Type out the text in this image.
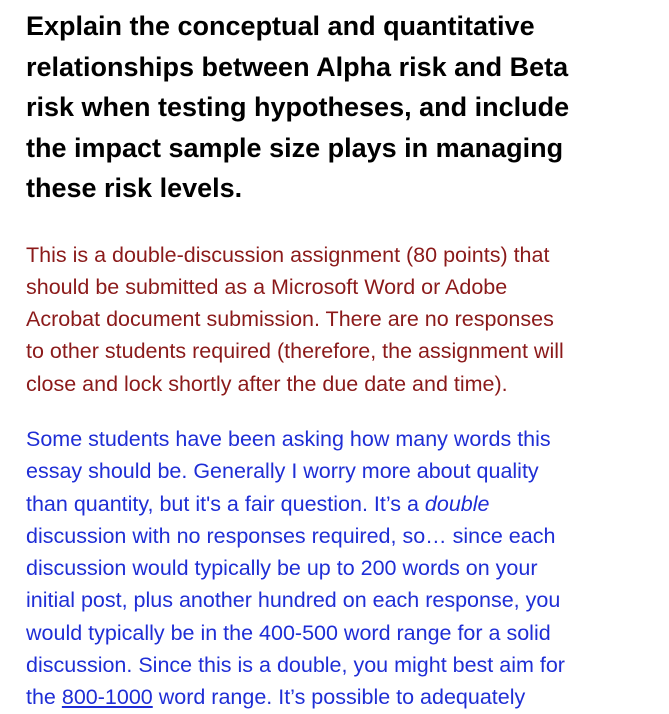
Explain the conceptual and quantitative
relationships between Alpha risk and Beta
risk when testing hypotheses, and include
the impact sample size plays in managing
these risk levels.

This is a double-discussion assignment (80 points) that
should be submitted as a Microsoft Word or Adobe
Acrobat document submission. There are no responses
to other students required (therefore, the assignment will
close and lock shortly after the due date and time).

Some students have been asking how many words this
essay should be. Generally I worry more about quality
than quantity, but it's a fair question. It’s a double
discussion with no responses required, so… since each
discussion would typically be up to 200 words on your
initial post, plus another hundred on each response, you
would typically be in the 400-500 word range for a solid
discussion. Since this is a double, you might best aim for
the 800-1000 word range. It’s possible to adequately
